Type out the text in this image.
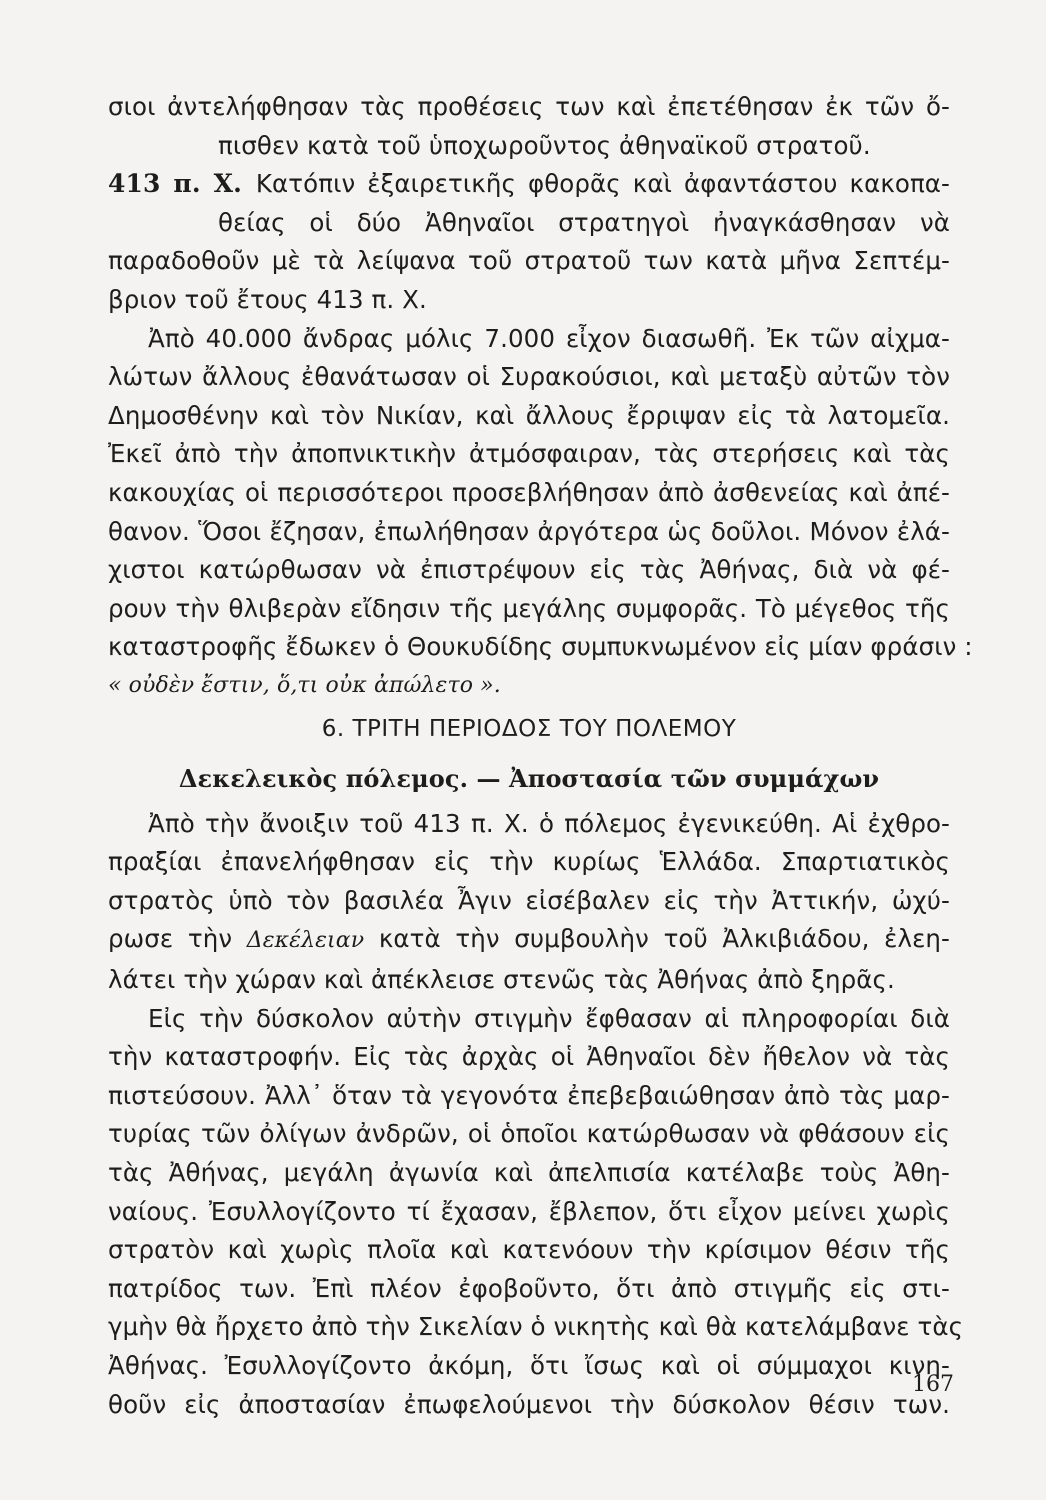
σιοι ἀντελήφθησαν τὰς προθέσεις των καὶ ἐπετέθησαν ἐκ τῶν ὄ-
πισθεν κατὰ τοῦ ὑποχωροῦντος ἀθηναϊκοῦ στρατοῦ.

413 π. Χ. Κατόπιν ἐξαιρετικῆς φθορᾶς καὶ ἀφαντάστου κακοπα-
θείας οἱ δύο Ἀθηναῖοι στρατηγοὶ ἠναγκάσθησαν νὰ
παραδοθοῦν μὲ τὰ λείψανα τοῦ στρατοῦ των κατὰ μῆνα Σεπτέμ-
βριον τοῦ ἔτους 413 π. Χ.

Ἀπὸ 40.000 ἄνδρας μόλις 7.000 εἶχον διασωθῆ. Ἐκ τῶν αἰχμα-
λώτων ἄλλους ἐθανάτωσαν οἱ Συρακούσιοι, καὶ μεταξὺ αὐτῶν τὸν
Δημοσθένην καὶ τὸν Νικίαν, καὶ ἄλλους ἔρριψαν εἰς τὰ λατομεῖα.
Ἐκεῖ ἀπὸ τὴν ἀποπνικτικὴν ἀτμόσφαιραν, τὰς στερήσεις καὶ τὰς
κακουχίας οἱ περισσότεροι προσεβλήθησαν ἀπὸ ἀσθενείας καὶ ἀπέ-
θανον. Ὅσοι ἔζησαν, ἐπωλήθησαν ἀργότερα ὡς δοῦλοι. Μόνον ἐλά-
χιστοι κατώρθωσαν νὰ ἐπιστρέψουν εἰς τὰς Ἀθήνας, διὰ νὰ φέ-
ρουν τὴν θλιβερὰν εἴδησιν τῆς μεγάλης συμφορᾶς. Τὸ μέγεθος τῆς
καταστροφῆς ἔδωκεν ὁ Θουκυδίδης συμπυκνωμένον εἰς μίαν φράσιν :
« οὐδὲν ἔστιν, ὅ,τι οὐκ ἀπώλετο ».

6. ΤΡΙΤΗ ΠΕΡΙΟΔΟΣ ΤΟΥ ΠΟΛΕΜΟΥ
Δεκελεικὸς πόλεμος. — Ἀποστασία τῶν συμμάχων

Ἀπὸ τὴν ἄνοιξιν τοῦ 413 π. Χ. ὁ πόλεμος ἐγενικεύθη. Αἱ ἐχθρο-
πραξίαι ἐπανελήφθησαν εἰς τὴν κυρίως Ἑλλάδα. Σπαρτιατικὸς
στρατὸς ὑπὸ τὸν βασιλέα Ἆγιν εἰσέβαλεν εἰς τὴν Ἀττικήν, ὠχύ-
ρωσε τὴν Δεκέλειαν κατὰ τὴν συμβουλὴν τοῦ Ἀλκιβιάδου, ἐλεη-
λάτει τὴν χώραν καὶ ἀπέκλεισε στενῶς τὰς Ἀθήνας ἀπὸ ξηρᾶς.

Εἰς τὴν δύσκολον αὐτὴν στιγμὴν ἔφθασαν αἱ πληροφορίαι διὰ
τὴν καταστροφήν. Εἰς τὰς ἀρχὰς οἱ Ἀθηναῖοι δὲν ἤθελον νὰ τὰς
πιστεύσουν. Ἀλλ᾽ ὅταν τὰ γεγονότα ἐπεβεβαιώθησαν ἀπὸ τὰς μαρ-
τυρίας τῶν ὀλίγων ἀνδρῶν, οἱ ὁποῖοι κατώρθωσαν νὰ φθάσουν εἰς
τὰς Ἀθήνας, μεγάλη ἀγωνία καὶ ἀπελπισία κατέλαβε τοὺς Ἀθη-
ναίους. Ἐσυλλογίζοντο τί ἔχασαν, ἔβλεπον, ὅτι εἶχον μείνει χωρὶς
στρατὸν καὶ χωρὶς πλοῖα καὶ κατενόουν τὴν κρίσιμον θέσιν τῆς
πατρίδος των. Ἐπὶ πλέον ἐφοβοῦντο, ὅτι ἀπὸ στιγμῆς εἰς στι-
γμὴν θὰ ἤρχετο ἀπὸ τὴν Σικελίαν ὁ νικητὴς καὶ θὰ κατελάμβανε τὰς
Ἀθήνας. Ἐσυλλογίζοντο ἀκόμη, ὅτι ἴσως καὶ οἱ σύμμαχοι κινη-
θοῦν εἰς ἀποστασίαν ἐπωφελούμενοι τὴν δύσκολον θέσιν των.

167
